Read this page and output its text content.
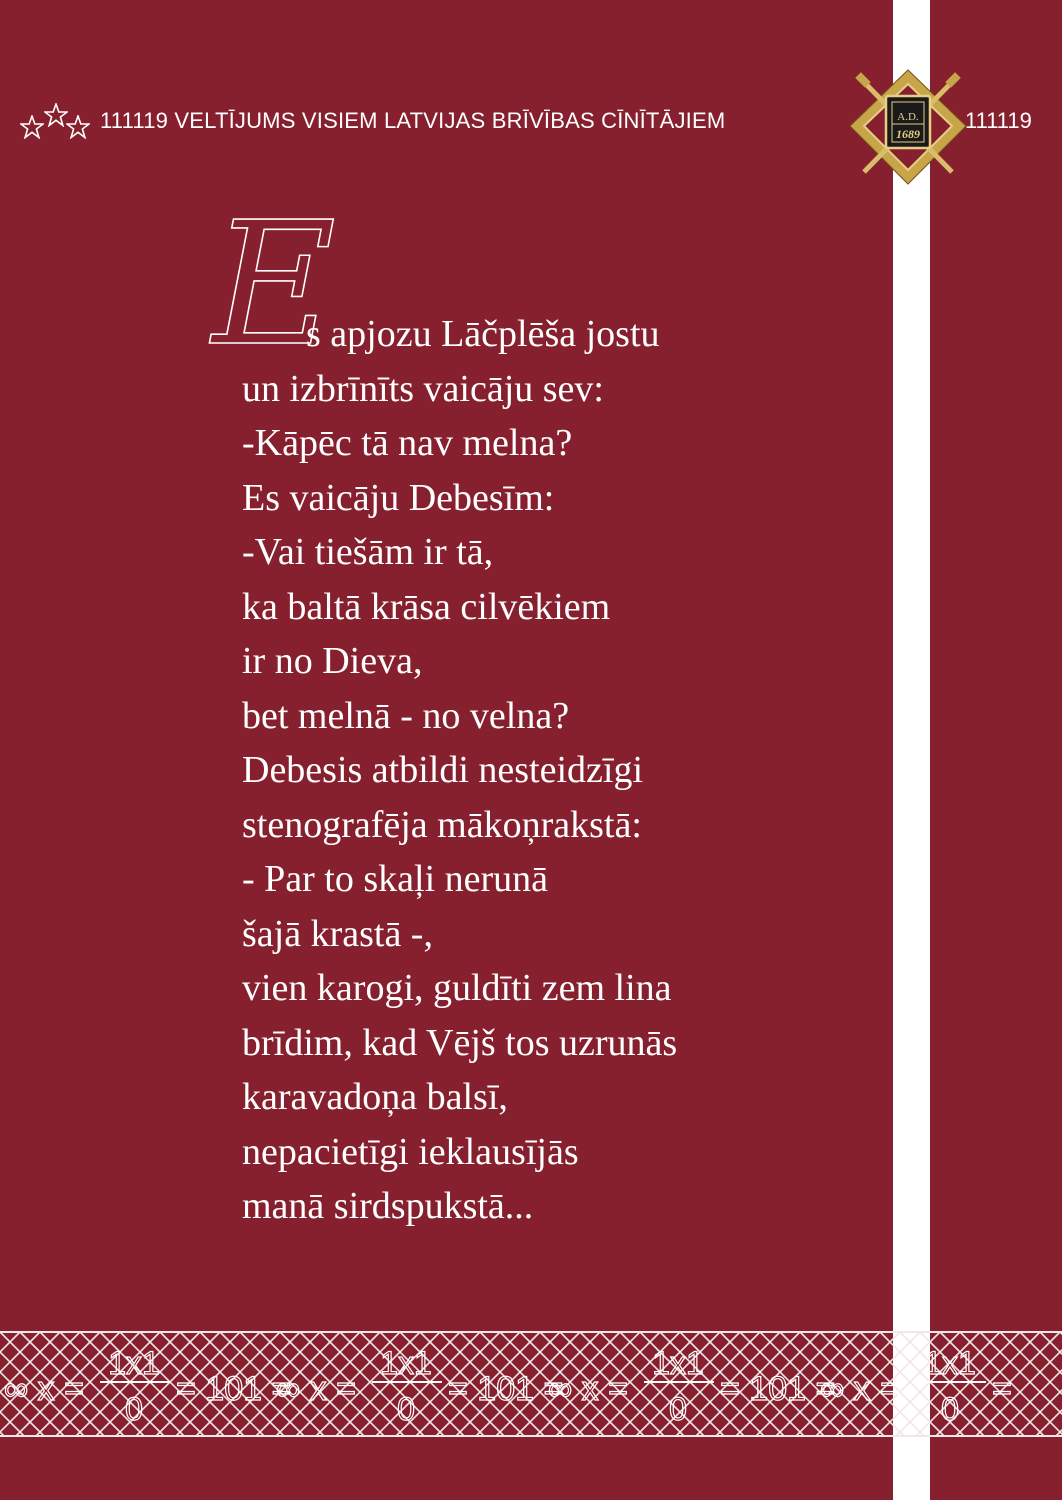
111119 VELTĪJUMS VISIEM LATVIJAS BRĪVĪBAS CĪNĪTĀJIEM	A.D.
1689
111119
E
s apjozu Lāčplēša jostu
un izbrīnīts vaicāju sev:
-Kāpēc tā nav melna?
Es vaicāju Debesīm:
-Vai tiešām ir tā,
ka baltā krāsa cilvēkiem
ir no Dieva,
bet melnā - no velna?
Debesis atbildi nesteidzīgi
stenografēja mākoņrakstā:
- Par to skaļi nerunā
šajā krastā -,
vien karogi, guldīti zem lina
brīdim, kad Vējš tos uzrunās
karavadoņa balsī,
nepacietīgi ieklausījās
manā sirdspukstā...
∞ x =
1x1
0
= 101 =
∞ x =
1x1
0
= 101 =
∞ x =
1x1
0
= 101 =
∞ x =
1x1
0
=
